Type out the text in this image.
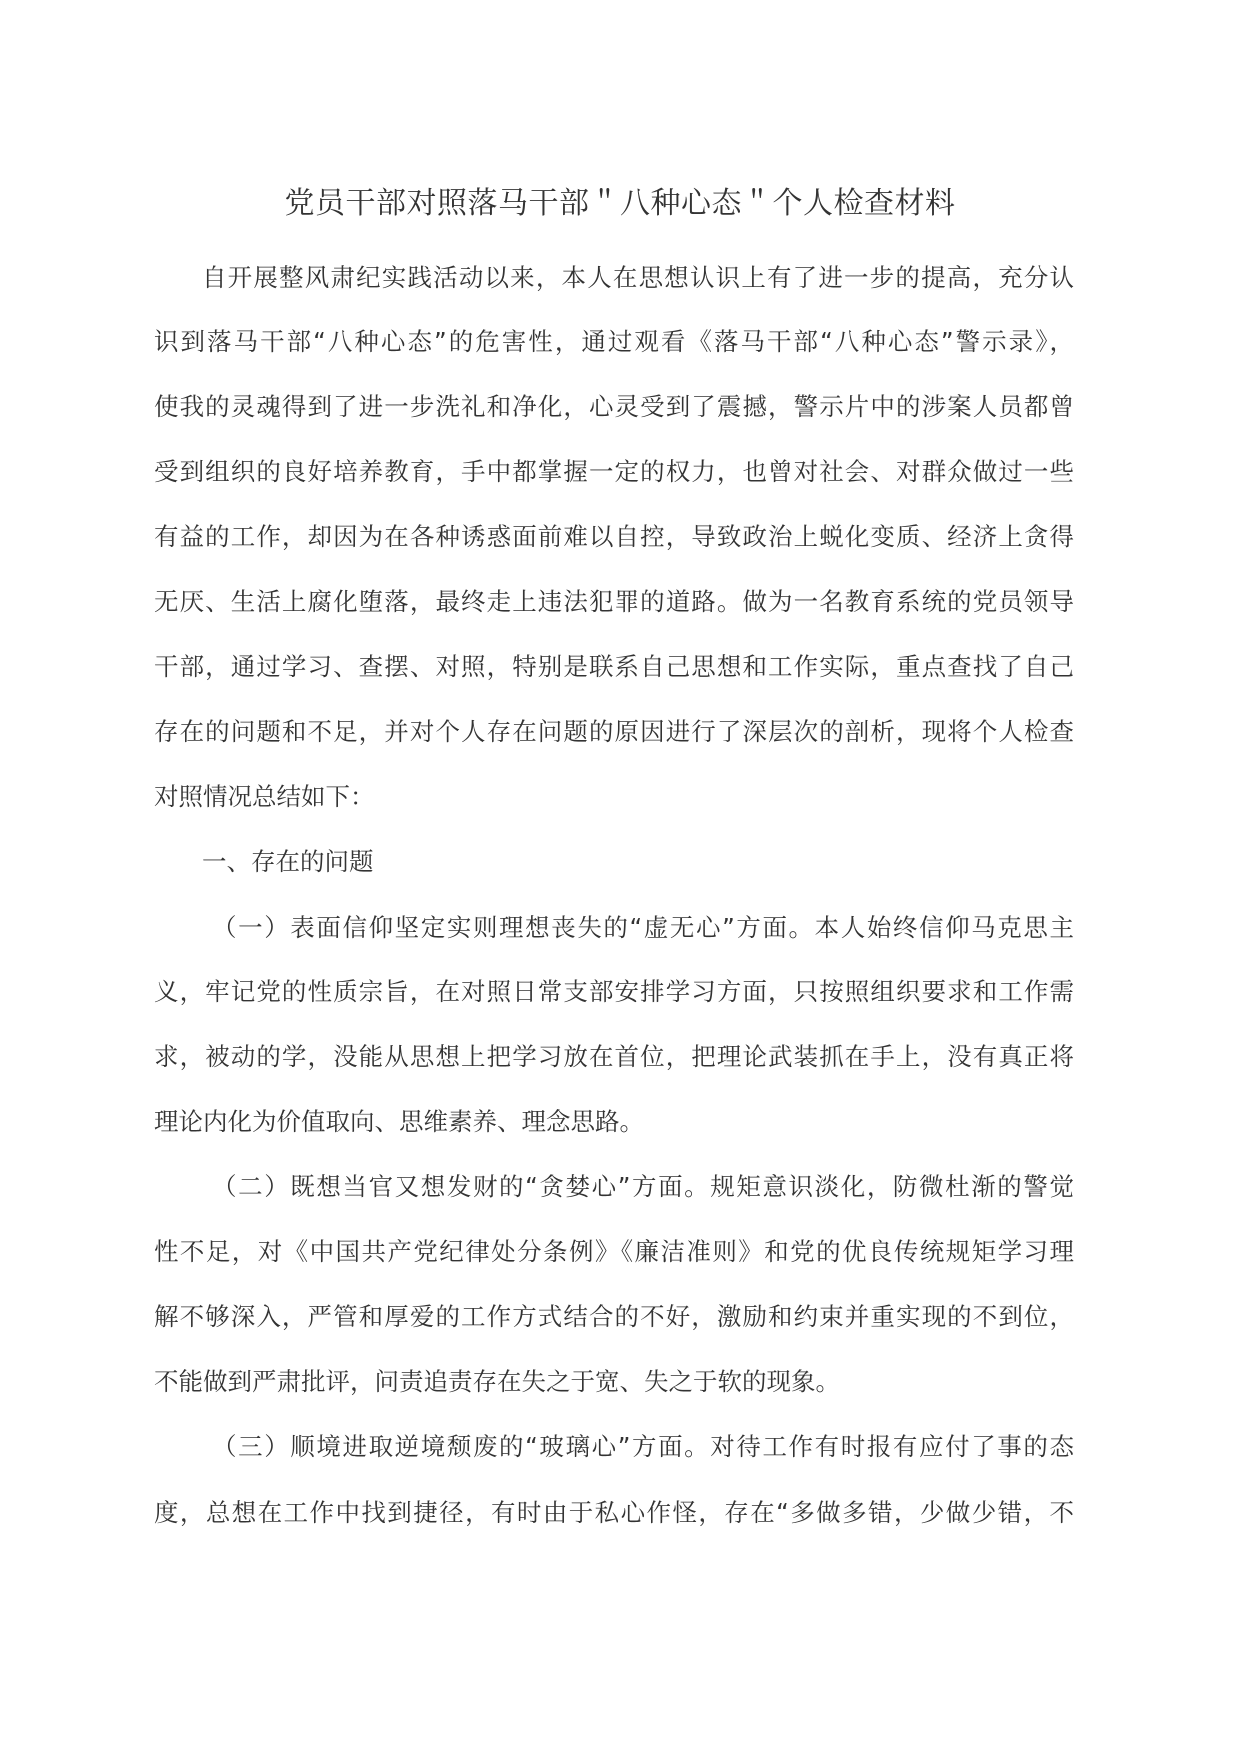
党员干部对照落马干部＂八种心态＂个人检查材料
自开展整风肃纪实践活动以来，本人在思想认识上有了进一步的提高，充分认
识到落马干部“八种心态”的危害性，通过观看《落马干部“八种心态”警示录》，
使我的灵魂得到了进一步洗礼和净化，心灵受到了震撼，警示片中的涉案人员都曾
受到组织的良好培养教育，手中都掌握一定的权力，也曾对社会、对群众做过一些
有益的工作，却因为在各种诱惑面前难以自控，导致政治上蜕化变质、经济上贪得
无厌、生活上腐化堕落，最终走上违法犯罪的道路。做为一名教育系统的党员领导
干部，通过学习、查摆、对照，特别是联系自己思想和工作实际，重点查找了自己
存在的问题和不足，并对个人存在问题的原因进行了深层次的剖析，现将个人检查
对照情况总结如下：
一、存在的问题
（一）表面信仰坚定实则理想丧失的“虚无心”方面。本人始终信仰马克思主
义，牢记党的性质宗旨，在对照日常支部安排学习方面，只按照组织要求和工作需
求，被动的学，没能从思想上把学习放在首位，把理论武装抓在手上，没有真正将
理论内化为价值取向、思维素养、理念思路。
（二）既想当官又想发财的“贪婪心”方面。规矩意识淡化，防微杜渐的警觉
性不足，对《中国共产党纪律处分条例》《廉洁准则》和党的优良传统规矩学习理
解不够深入，严管和厚爱的工作方式结合的不好，激励和约束并重实现的不到位，
不能做到严肃批评，问责追责存在失之于宽、失之于软的现象。
（三）顺境进取逆境颓废的“玻璃心”方面。对待工作有时报有应付了事的态
度，总想在工作中找到捷径，有时由于私心作怪，存在“多做多错，少做少错，不
